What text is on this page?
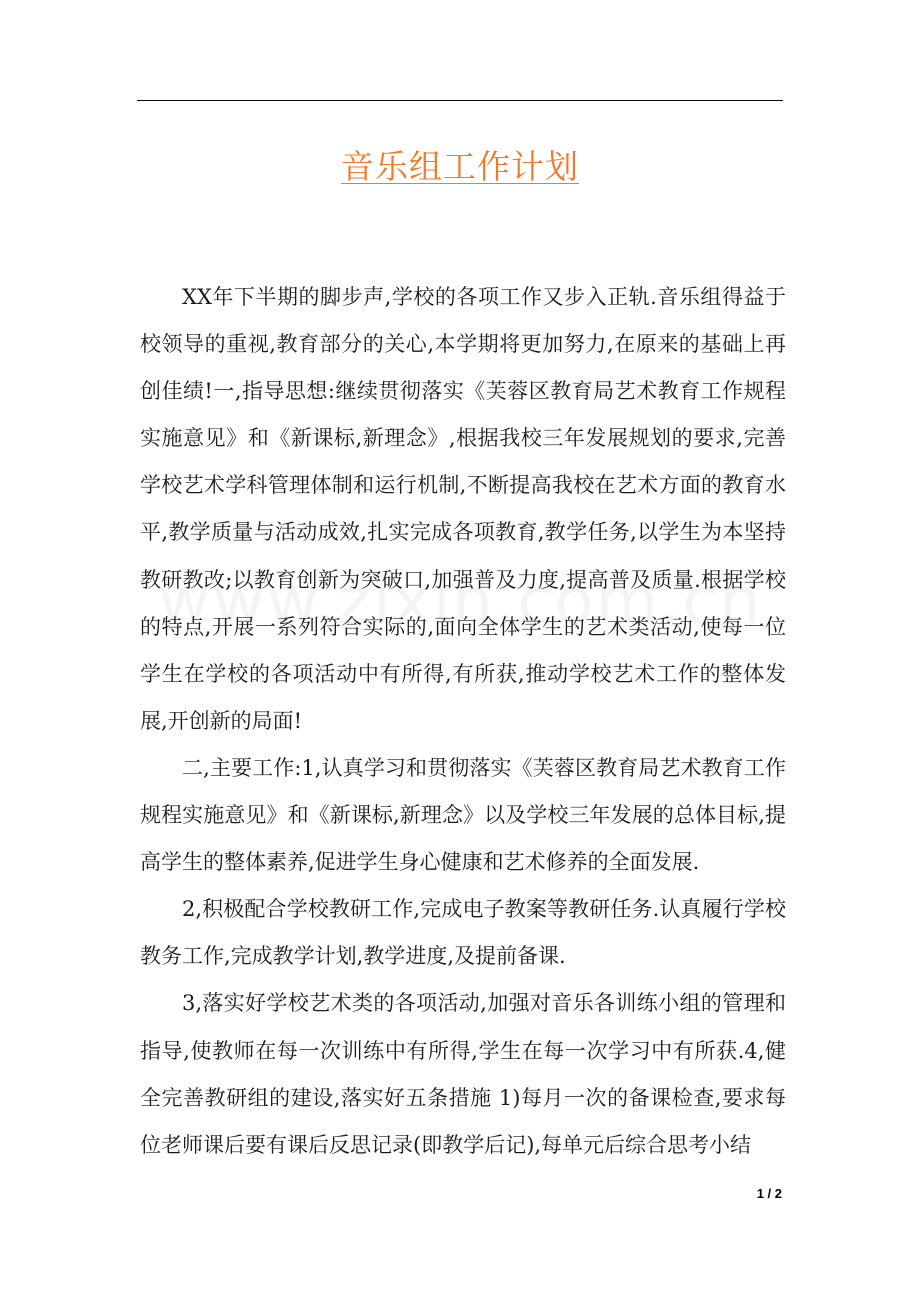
音乐组工作计划

XX年下半期的脚步声,学校的各项工作又步入正轨.音乐组得益于校领导的重视,教育部分的关心,本学期将更加努力,在原来的基础上再创佳绩!一,指导思想:继续贯彻落实《芙蓉区教育局艺术教育工作规程实施意见》和《新课标,新理念》,根据我校三年发展规划的要求,完善学校艺术学科管理体制和运行机制,不断提高我校在艺术方面的教育水平,教学质量与活动成效,扎实完成各项教育,教学任务,以学生为本坚持教研教改;以教育创新为突破口,加强普及力度,提高普及质量.根据学校的特点,开展一系列符合实际的,面向全体学生的艺术类活动,使每一位学生在学校的各项活动中有所得,有所获,推动学校艺术工作的整体发展,开创新的局面!

二,主要工作:1,认真学习和贯彻落实《芙蓉区教育局艺术教育工作规程实施意见》和《新课标,新理念》以及学校三年发展的总体目标,提高学生的整体素养,促进学生身心健康和艺术修养的全面发展.

2,积极配合学校教研工作,完成电子教案等教研任务.认真履行学校教务工作,完成教学计划,教学进度,及提前备课.

3,落实好学校艺术类的各项活动,加强对音乐各训练小组的管理和指导,使教师在每一次训练中有所得,学生在每一次学习中有所获.4,健全完善教研组的建设,落实好五条措施 1)每月一次的备课检查,要求每位老师课后要有课后反思记录(即教学后记),每单元后综合思考小结

1 / 2
